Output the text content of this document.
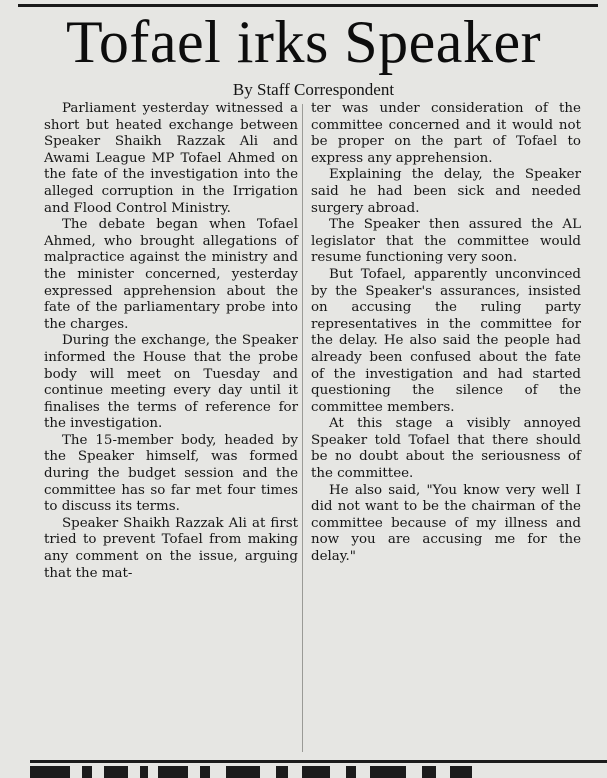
Tofael irks Speaker
By Staff Correspondent

Parliament yesterday witnessed a short but heated exchange between Speaker Shaikh Razzak Ali and Awami League MP Tofael Ahmed on the fate of the investigation into the alleged corruption in the Irrigation and Flood Control Ministry.

The debate began when Tofael Ahmed, who brought allegations of malpractice against the ministry and the minister concerned, yesterday expressed apprehension about the fate of the parliamentary probe into the charges.

During the exchange, the Speaker informed the House that the probe body will meet on Tuesday and continue meeting every day until it finalises the terms of reference for the investigation.

The 15-member body, headed by the Speaker himself, was formed during the budget session and the committee has so far met four times to discuss its terms.

Speaker Shaikh Razzak Ali at first tried to prevent Tofael from making any comment on the issue, arguing that the mat-

ter was under consideration of the committee concerned and it would not be proper on the part of Tofael to express any apprehension.

Explaining the delay, the Speaker said he had been sick and needed surgery abroad.

The Speaker then assured the AL legislator that the committee would resume functioning very soon.

But Tofael, apparently unconvinced by the Speaker's assurances, insisted on accusing the ruling party representatives in the committee for the delay. He also said the people had already been confused about the fate of the investigation and had started questioning the silence of the committee members.

At this stage a visibly annoyed Speaker told Tofael that there should be no doubt about the seriousness of the committee.

He also said, "You know very well I did not want to be the chairman of the committee because of my illness and now you are accusing me for the delay."
